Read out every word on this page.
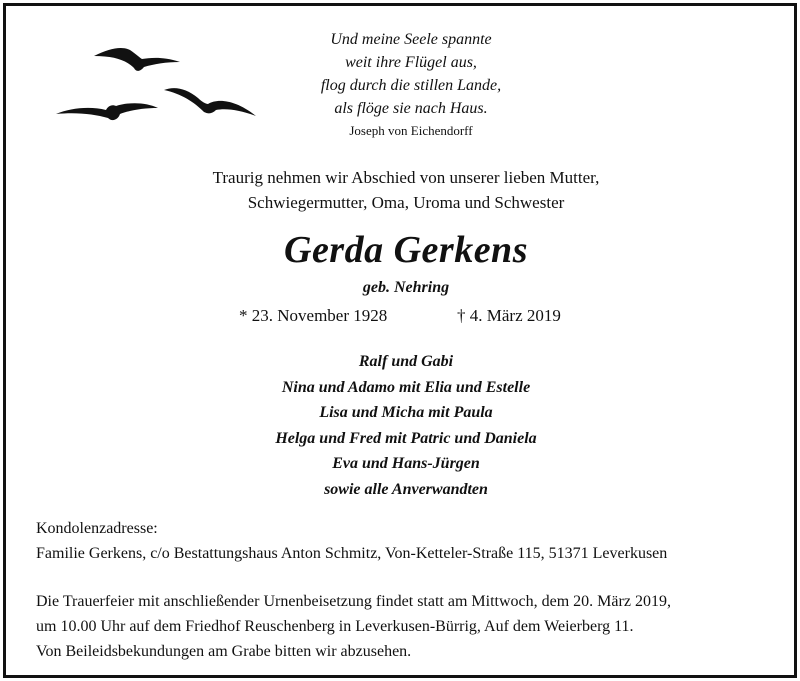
Und meine Seele spannte
weit ihre Flügel aus,
flog durch die stillen Lande,
als flöge sie nach Haus.
Joseph von Eichendorff
Traurig nehmen wir Abschied von unserer lieben Mutter,
Schwiegermutter, Oma, Uroma und Schwester
Gerda Gerkens
geb. Nehring
* 23. November 1928	† 4. März 2019
Ralf und Gabi
Nina und Adamo mit Elia und Estelle
Lisa und Micha mit Paula
Helga und Fred mit Patric und Daniela
Eva und Hans-Jürgen
sowie alle Anverwandten
Kondolenzadresse:
Familie Gerkens, c/o Bestattungshaus Anton Schmitz, Von-Ketteler-Straße 115, 51371 Leverkusen
Die Trauerfeier mit anschließender Urnenbeisetzung findet statt am Mittwoch, dem 20. März 2019,
um 10.00 Uhr auf dem Friedhof Reuschenberg in Leverkusen-Bürrig, Auf dem Weierberg 11.
Von Beileidsbekundungen am Grabe bitten wir abzusehen.
